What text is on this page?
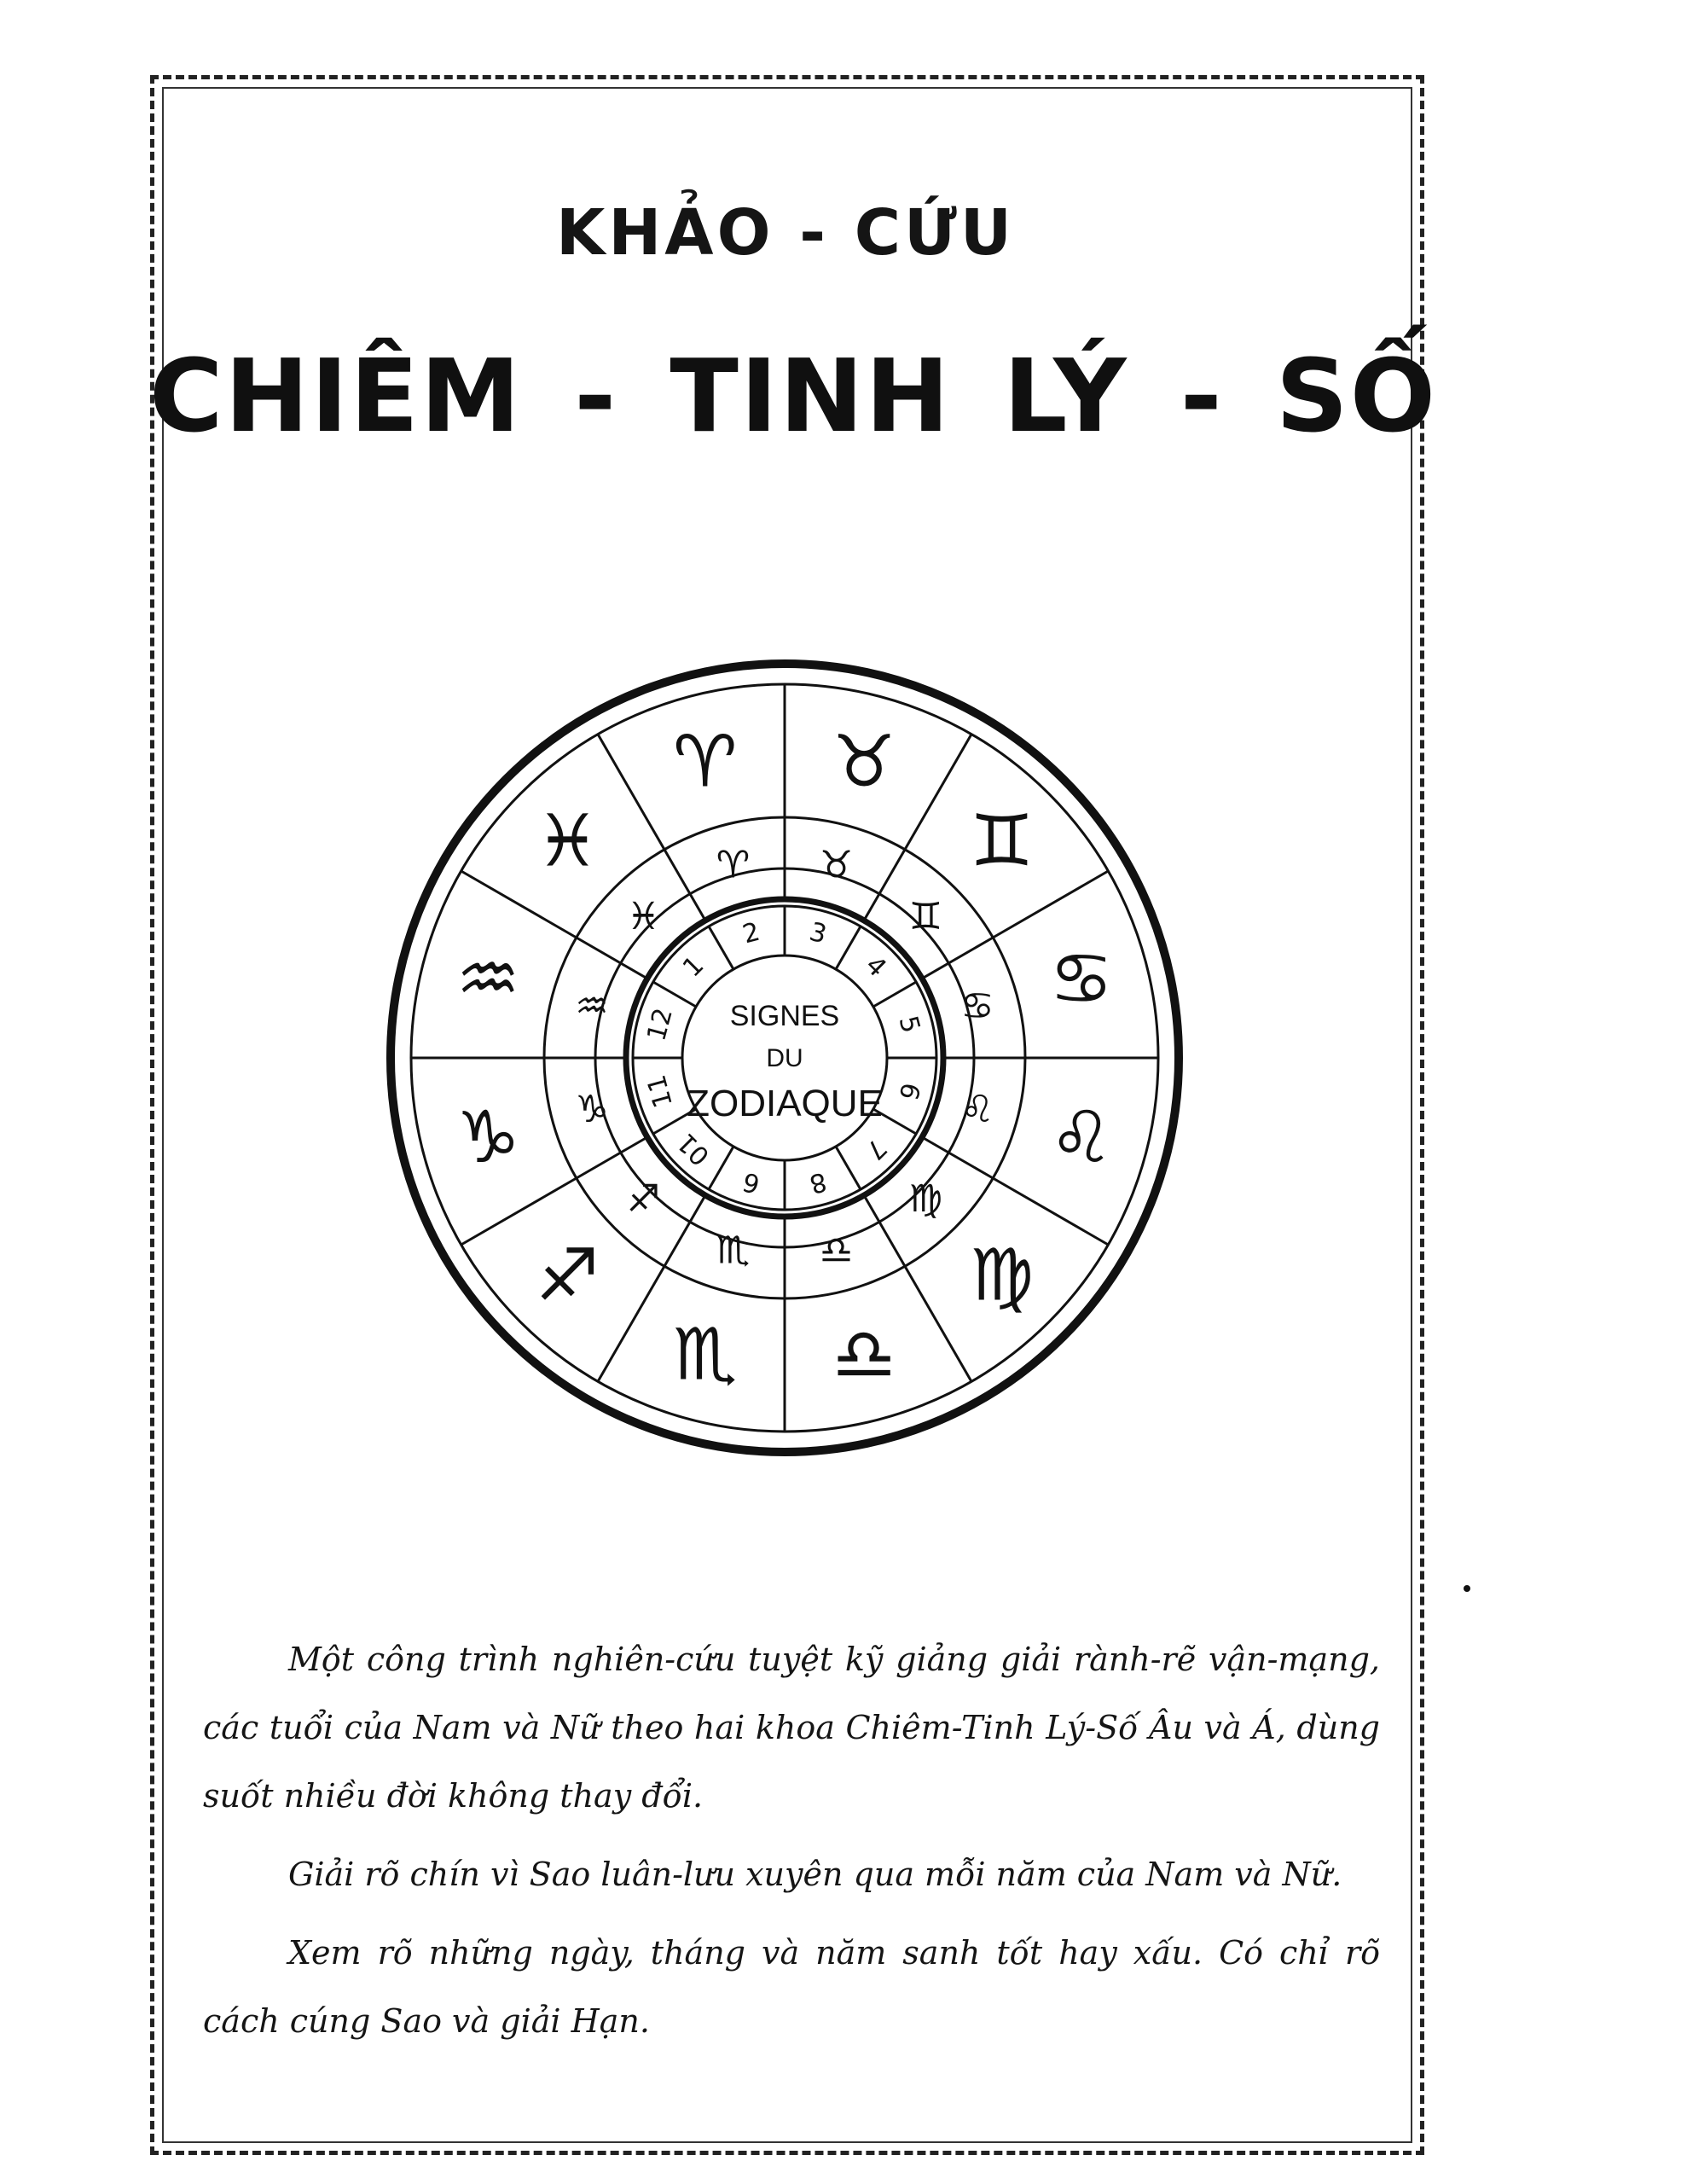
KHẢO - CỨU
CHIÊM - TINH LÝ - SỐ
♓
♈ ♉
♊
♋
♌
♍
♎
♏
♐
♑
♒
♓
♈ ♉
♊
♋
♌
♍
♎
♏
♐
♑
♒
1
2 3
4
5
6
7
8
6
01
11
12 SIGNES
DU
ZODIAQUE

Một công trình nghiên-cứu tuyệt kỹ giảng giải rành-rẽ vận-mạng, các tuổi của Nam và Nữ theo hai khoa Chiêm-Tinh Lý-Số Âu và Á, dùng suốt nhiều đời không thay đổi.

Giải rõ chín vì Sao luân-lưu xuyên qua mỗi năm của Nam và Nữ.

Xem rõ những ngày, tháng và năm sanh tốt hay xấu. Có chỉ rõ cách cúng Sao và giải Hạn.
